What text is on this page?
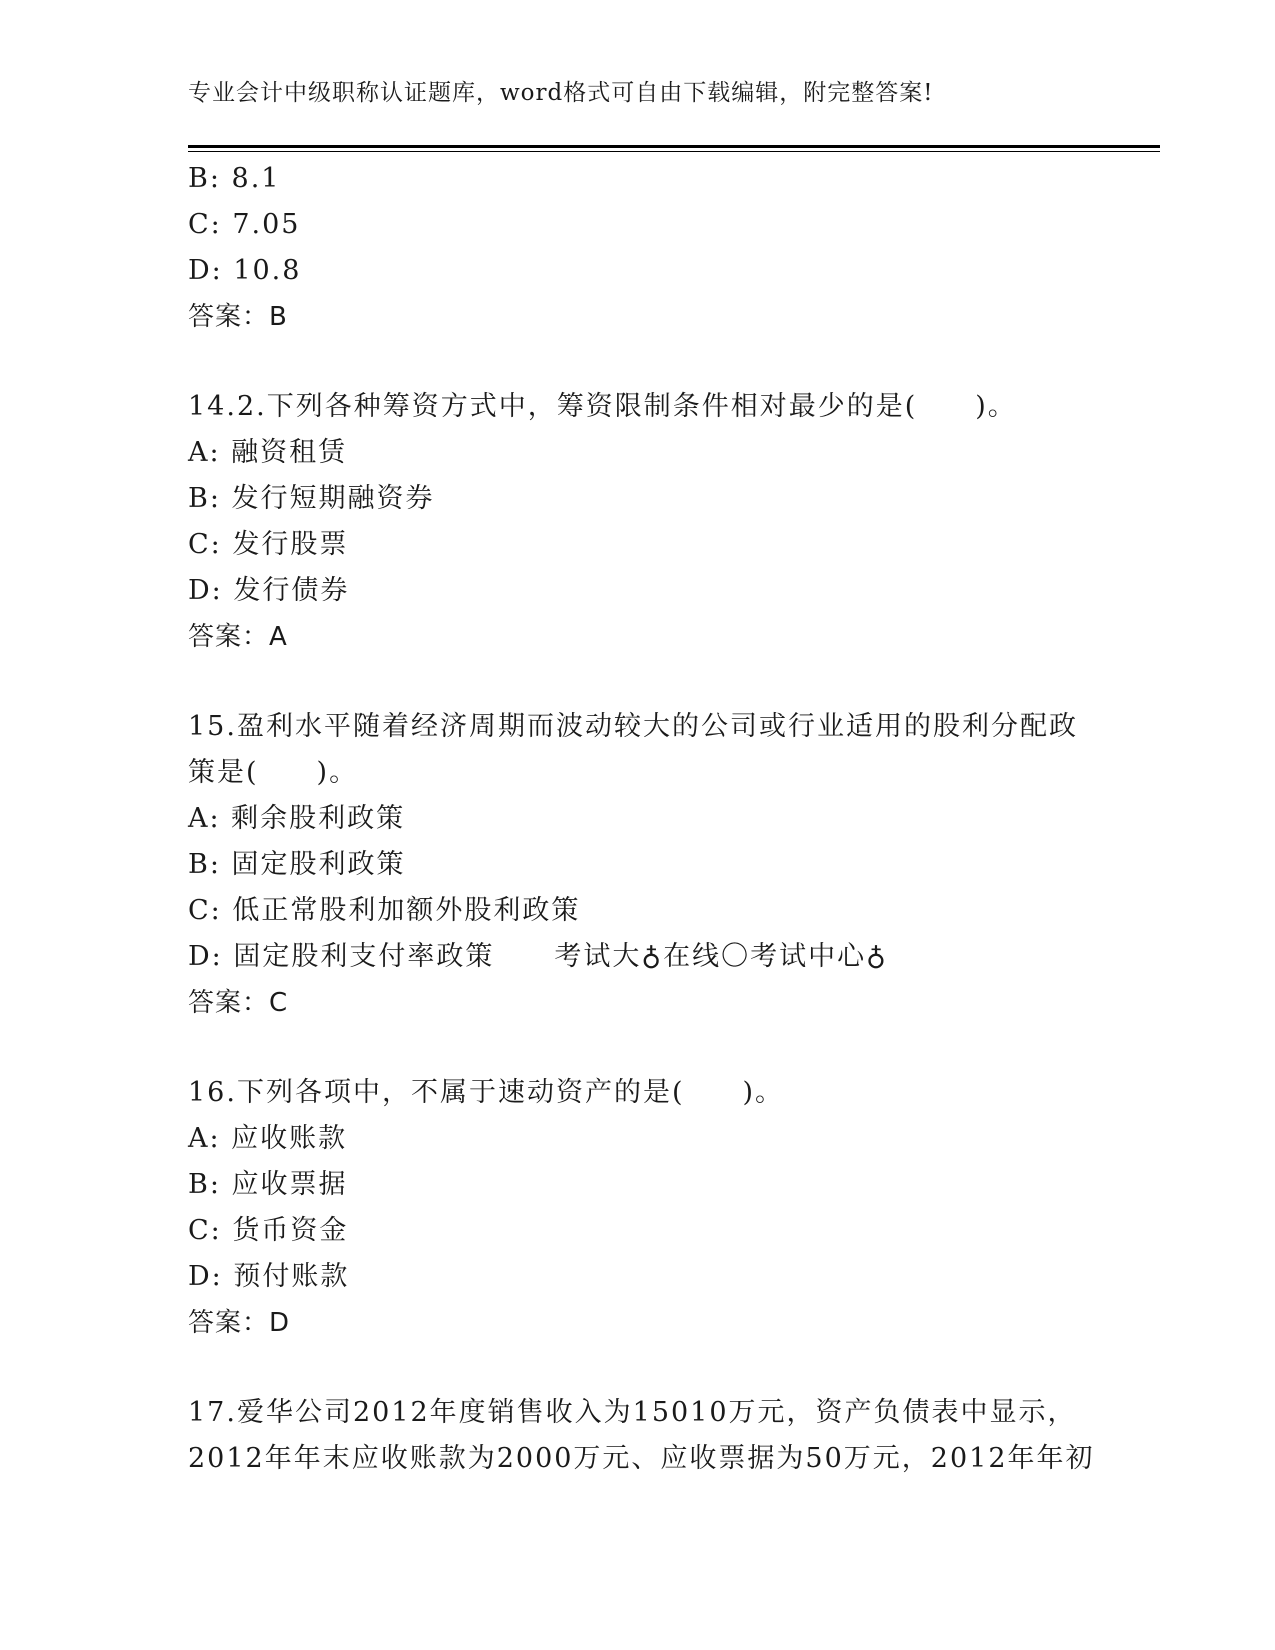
专业会计中级职称认证题库，word格式可自由下载编辑，附完整答案!
B: 8.1
C: 7.05
D: 10.8
答案：B
14.2.下列各种筹资方式中，筹资限制条件相对最少的是(　　)。
A: 融资租赁
B: 发行短期融资券
C: 发行股票
D: 发行债券
答案：A
15.盈利水平随着经济周期而波动较大的公司或行业适用的股利分配政
策是(　　)。
A: 剩余股利政策
B: 固定股利政策
C: 低正常股利加额外股利政策
D: 固定股利支付率政策 考试大♁在线〇考试中心♁
答案：C
16.下列各项中，不属于速动资产的是(　　)。
A: 应收账款
B: 应收票据
C: 货币资金
D: 预付账款
答案：D
17.爱华公司2012年度销售收入为15010万元，资产负债表中显示，
2012年年末应收账款为2000万元、应收票据为50万元，2012年年初
